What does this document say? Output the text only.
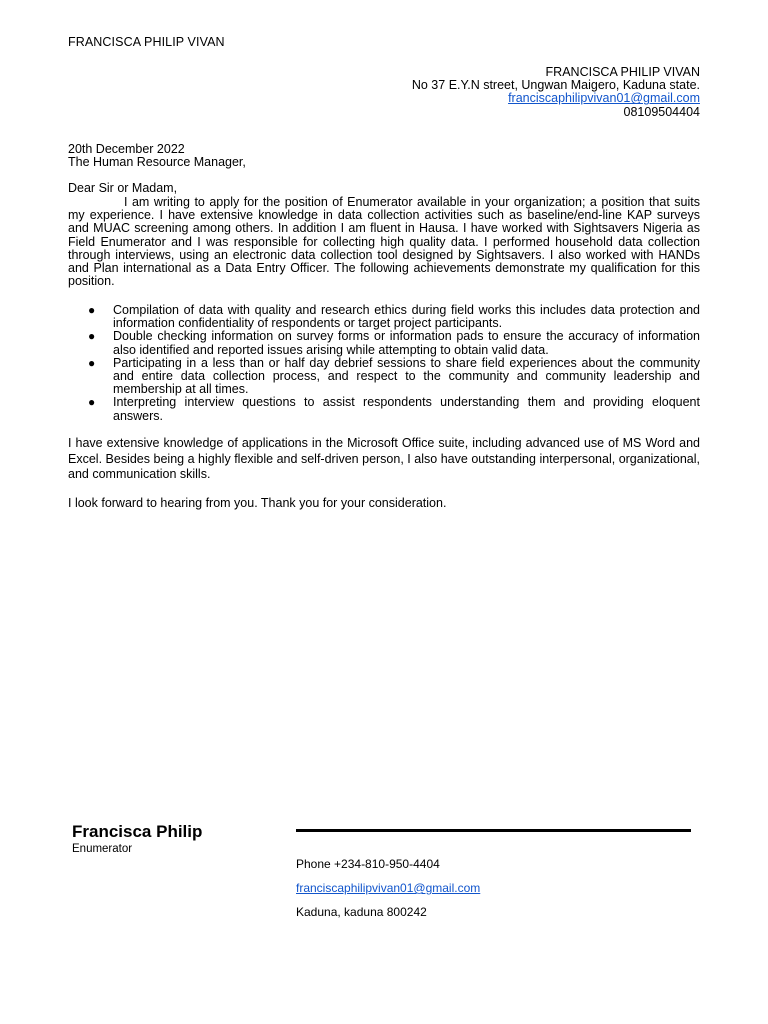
FRANCISCA PHILIP VIVAN
FRANCISCA PHILIP VIVAN
No 37 E.Y.N street, Ungwan Maigero, Kaduna state.
franciscaphilipvivan01@gmail.com
08109504404
20th December 2022
The Human Resource Manager,
Dear Sir or Madam,

I am writing to apply for the position of Enumerator available in your organization; a position that suits my experience. I have extensive knowledge in data collection activities such as baseline/end-line KAP surveys and MUAC screening among others. In addition I am fluent in Hausa. I have worked with Sightsavers Nigeria as Field Enumerator and I was responsible for collecting high quality data. I performed household data collection through interviews, using an electronic data collection tool designed by Sightsavers. I also worked with HANDs and Plan international as a Data Entry Officer. The following achievements demonstrate my qualification for this position.

● Compilation of data with quality and research ethics during field works this includes data protection and information confidentiality of respondents or target project participants.
● Double checking information on survey forms or information pads to ensure the accuracy of information also identified and reported issues arising while attempting to obtain valid data.
● Participating in a less than or half day debrief sessions to share field experiences about the community and entire data collection process, and respect to the community and community leadership and membership at all times.
● Interpreting interview questions to assist respondents understanding them and providing eloquent answers.

I have extensive knowledge of applications in the Microsoft Office suite, including advanced use of MS Word and Excel. Besides being a highly flexible and self-driven person, I also have outstanding interpersonal, organizational, and communication skills.

I look forward to hearing from you. Thank you for your consideration.

Francisca Philip
Enumerator
Phone +234-810-950-4404
franciscaphilipvivan01@gmail.com
Kaduna, kaduna 800242
